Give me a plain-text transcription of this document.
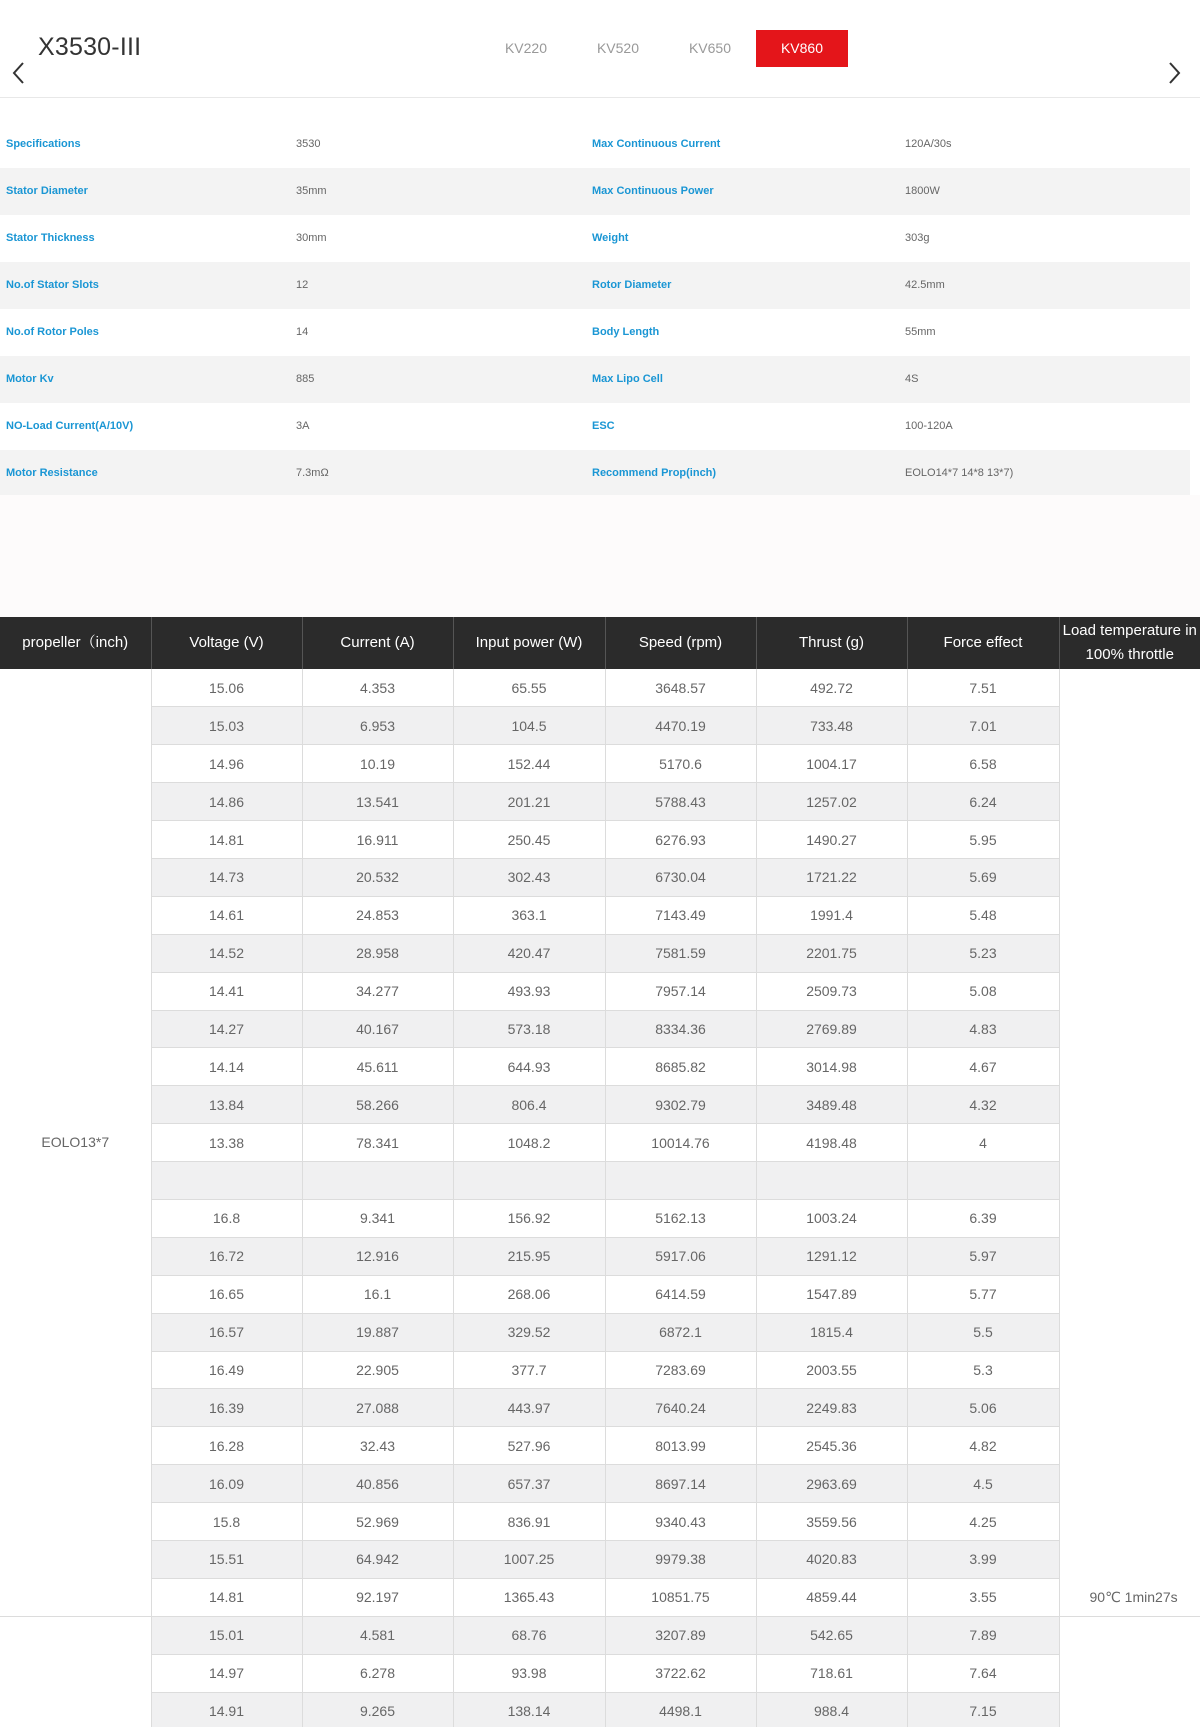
X3530-III	KV220	KV520	KV650	KV860
Specifications	3530	Max Continuous Current	120A/30s
Stator Diameter	35mm	Max Continuous Power	1800W
Stator Thickness	30mm	Weight	303g
No.of Stator Slots	12	Rotor Diameter	42.5mm
No.of Rotor Poles	14	Body Length	55mm
Motor Kv	885	Max Lipo Cell	4S
NO-Load Current(A/10V)	3A	ESC	100-120A
Motor Resistance	7.3mΩ	Recommend Prop(inch)	EOLO14*7 14*8 13*7)
propeller（inch)	Voltage (V)	Current (A)	Input power (W)	Speed (rpm)	Thrust (g)	Force effect	Load temperature in 100% throttle
EOLO13*7	15.06	4.353	65.55	3648.57	492.72	7.51	
	15.03	6.953	104.5	4470.19	733.48	7.01	
	14.96	10.19	152.44	5170.6	1004.17	6.58	
	14.86	13.541	201.21	5788.43	1257.02	6.24	
	14.81	16.911	250.45	6276.93	1490.27	5.95	
	14.73	20.532	302.43	6730.04	1721.22	5.69	
	14.61	24.853	363.1	7143.49	1991.4	5.48	
	14.52	28.958	420.47	7581.59	2201.75	5.23	
	14.41	34.277	493.93	7957.14	2509.73	5.08	
	14.27	40.167	573.18	8334.36	2769.89	4.83	
	14.14	45.611	644.93	8685.82	3014.98	4.67	
	13.84	58.266	806.4	9302.79	3489.48	4.32	
	13.38	78.341	1048.2	10014.76	4198.48	4	

	16.8	9.341	156.92	5162.13	1003.24	6.39	
	16.72	12.916	215.95	5917.06	1291.12	5.97	
	16.65	16.1	268.06	6414.59	1547.89	5.77	
	16.57	19.887	329.52	6872.1	1815.4	5.5	
	16.49	22.905	377.7	7283.69	2003.55	5.3	
	16.39	27.088	443.97	7640.24	2249.83	5.06	
	16.28	32.43	527.96	8013.99	2545.36	4.82	
	16.09	40.856	657.37	8697.14	2963.69	4.5	
	15.8	52.969	836.91	9340.43	3559.56	4.25	
	15.51	64.942	1007.25	9979.38	4020.83	3.99	
	14.81	92.197	1365.43	10851.75	4859.44	3.55	90℃ 1min27s
	15.01	4.581	68.76	3207.89	542.65	7.89	
	14.97	6.278	93.98	3722.62	718.61	7.64	
	14.91	9.265	138.14	4498.1	988.4	7.15	
